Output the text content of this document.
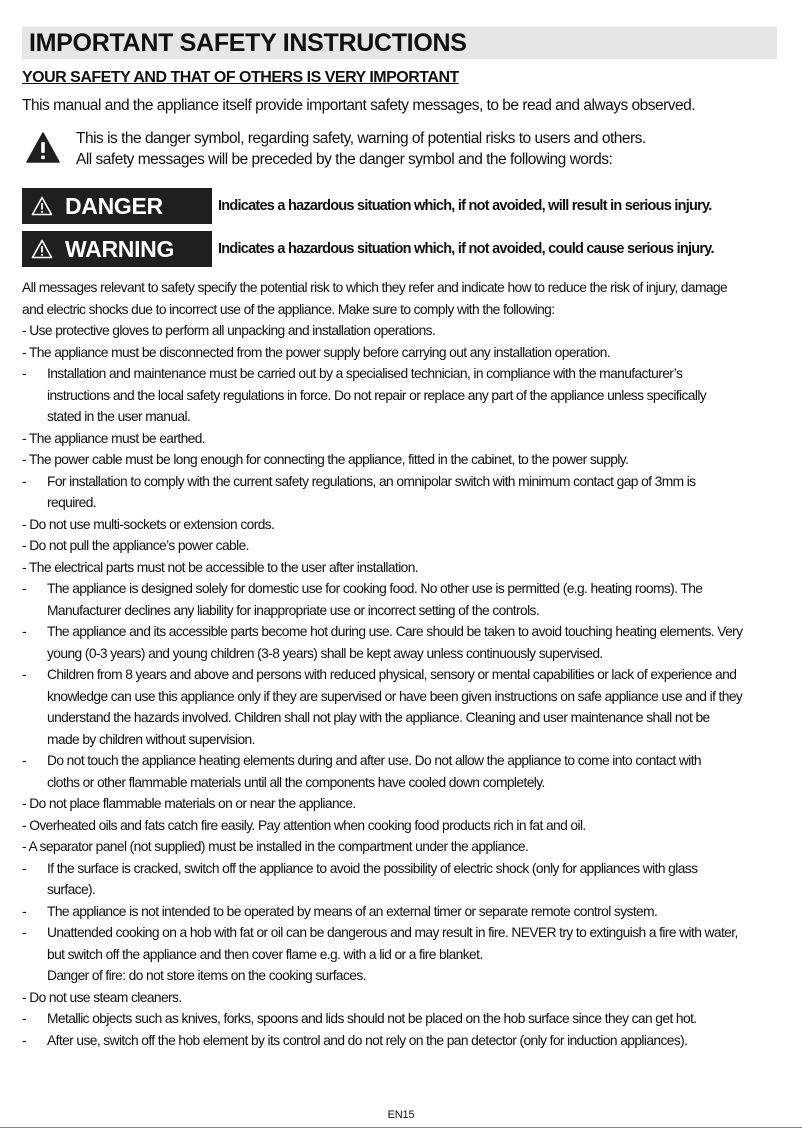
IMPORTANT SAFETY INSTRUCTIONS
YOUR SAFETY AND THAT OF OTHERS IS VERY IMPORTANT
This manual and the appliance itself provide important safety messages, to be read and always observed.
This is the danger symbol, regarding safety, warning of potential risks to users and others.
All safety messages will be preceded by the danger symbol and the following words:
DANGER	Indicates a hazardous situation which, if not avoided, will result in serious injury.
WARNING	Indicates a hazardous situation which, if not avoided, could cause serious injury.
All messages relevant to safety specify the potential risk to which they refer and indicate how to reduce the risk of injury, damage
and electric shocks due to incorrect use of the appliance. Make sure to comply with the following:
- Use protective gloves to perform all unpacking and installation operations.
- The appliance must be disconnected from the power supply before carrying out any installation operation.
- Installation and maintenance must be carried out by a specialised technician, in compliance with the manufacturer’s
instructions and the local safety regulations in force. Do not repair or replace any part of the appliance unless specifically
stated in the user manual.
- The appliance must be earthed.
- The power cable must be long enough for connecting the appliance, fitted in the cabinet, to the power supply.
- For installation to comply with the current safety regulations, an omnipolar switch with minimum contact gap of 3mm is
required.
- Do not use multi-sockets or extension cords.
- Do not pull the appliance’s power cable.
- The electrical parts must not be accessible to the user after installation.
- The appliance is designed solely for domestic use for cooking food. No other use is permitted (e.g. heating rooms). The
Manufacturer declines any liability for inappropriate use or incorrect setting of the controls.
- The appliance and its accessible parts become hot during use. Care should be taken to avoid touching heating elements. Very
young (0-3 years) and young children (3-8 years) shall be kept away unless continuously supervised.
- Children from 8 years and above and persons with reduced physical, sensory or mental capabilities or lack of experience and
knowledge can use this appliance only if they are supervised or have been given instructions on safe appliance use and if they
understand the hazards involved. Children shall not play with the appliance. Cleaning and user maintenance shall not be
made by children without supervision.
- Do not touch the appliance heating elements during and after use. Do not allow the appliance to come into contact with
cloths or other flammable materials until all the components have cooled down completely.
- Do not place flammable materials on or near the appliance.
- Overheated oils and fats catch fire easily. Pay attention when cooking food products rich in fat and oil.
- A separator panel (not supplied) must be installed in the compartment under the appliance.
- If the surface is cracked, switch off the appliance to avoid the possibility of electric shock (only for appliances with glass
surface).
- The appliance is not intended to be operated by means of an external timer or separate remote control system.
- Unattended cooking on a hob with fat or oil can be dangerous and may result in fire. NEVER try to extinguish a fire with water,
but switch off the appliance and then cover flame e.g. with a lid or a fire blanket.
Danger of fire: do not store items on the cooking surfaces.
- Do not use steam cleaners.
- Metallic objects such as knives, forks, spoons and lids should not be placed on the hob surface since they can get hot.
- After use, switch off the hob element by its control and do not rely on the pan detector (only for induction appliances).
EN15
